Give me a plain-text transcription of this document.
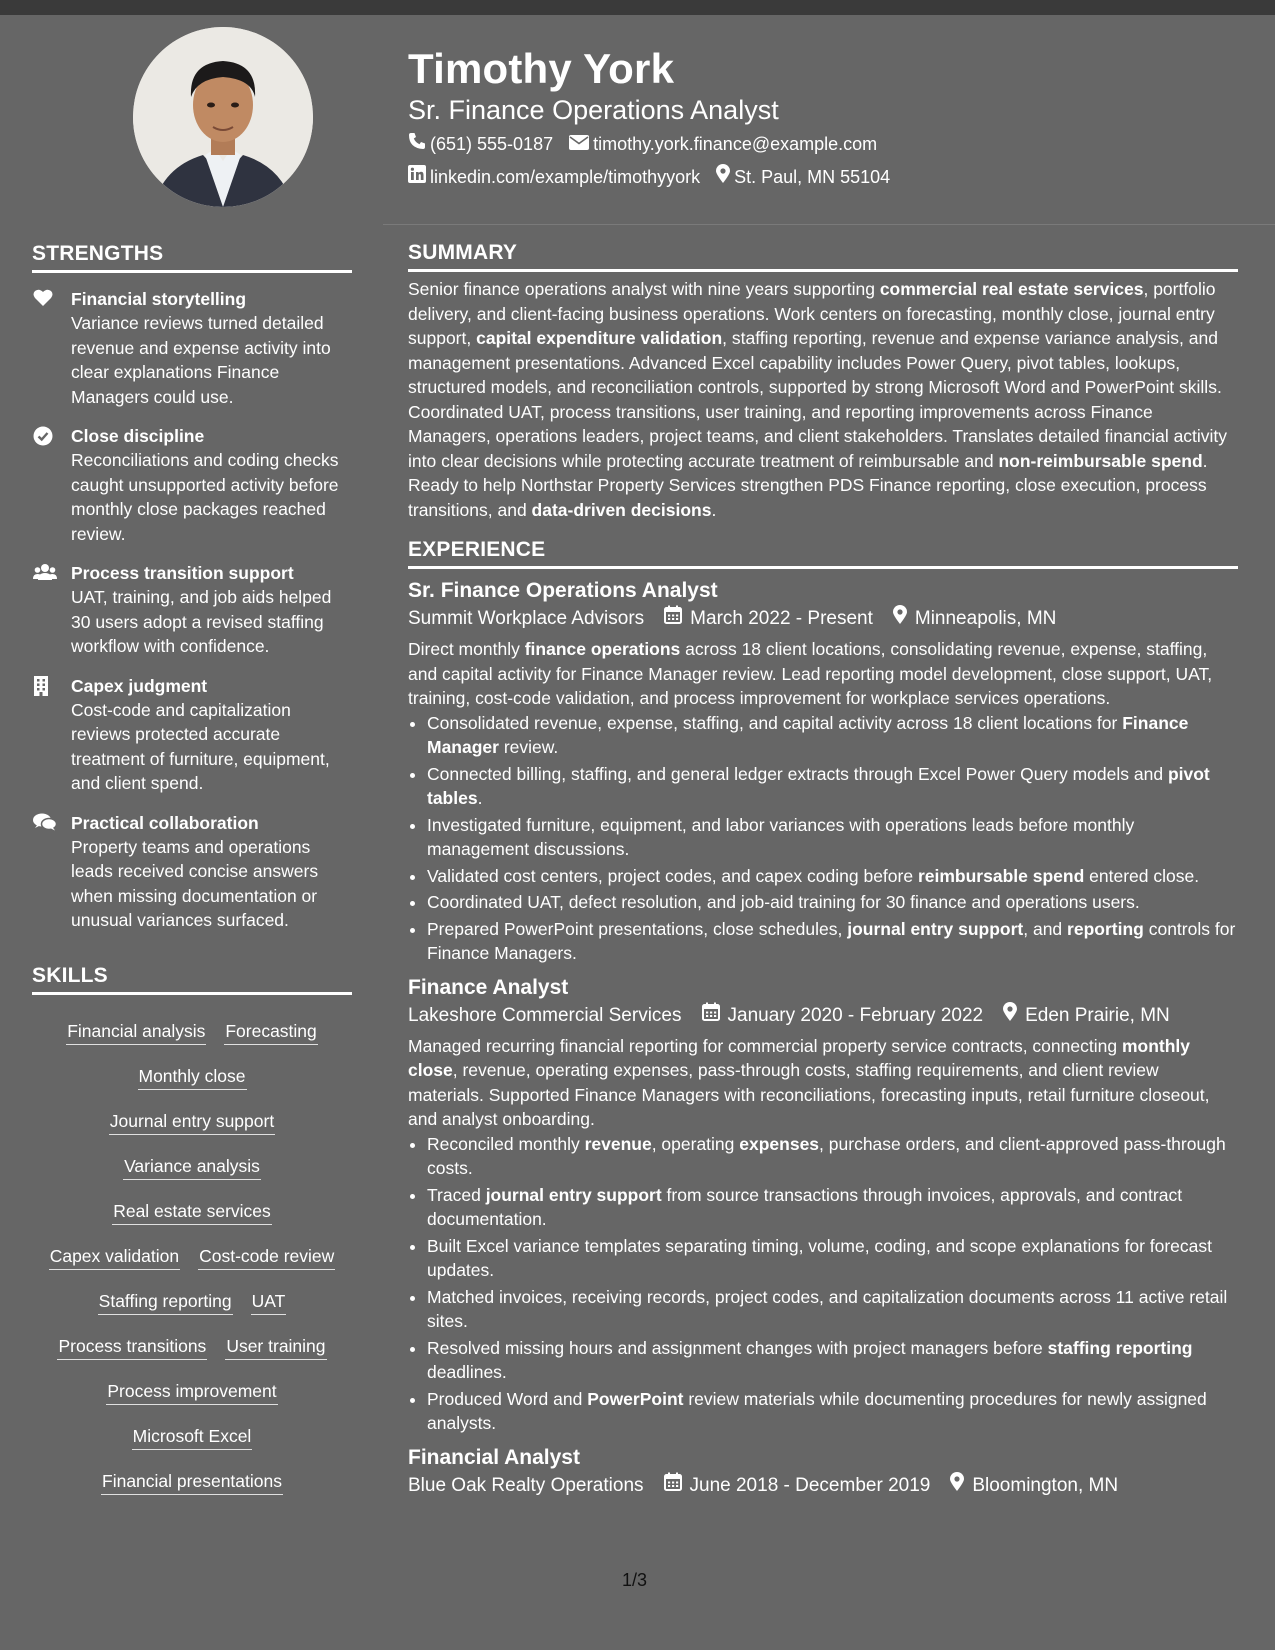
STRENGTHS
Financial storytelling
Variance reviews turned detailed revenue and expense activity into clear explanations Finance Managers could use.
Close discipline
Reconciliations and coding checks caught unsupported activity before monthly close packages reached review.
Process transition support
UAT, training, and job aids helped 30 users adopt a revised staffing workflow with confidence.
Capex judgment
Cost-code and capitalization reviews protected accurate treatment of furniture, equipment, and client spend.
Practical collaboration
Property teams and operations leads received concise answers when missing documentation or unusual variances surfaced.
SKILLS
Financial analysis Forecasting
Monthly close
Journal entry support
Variance analysis
Real estate services
Capex validation Cost-code review
Staffing reporting UAT
Process transitions User training
Process improvement
Microsoft Excel
Financial presentations
Timothy York
Sr. Finance Operations Analyst
(651) 555-0187 timothy.york.finance@example.com
linkedin.com/example/timothyyork St. Paul, MN 55104
SUMMARY

Senior finance operations analyst with nine years supporting commercial real estate services, portfolio delivery, and client-facing business operations. Work centers on forecasting, monthly close, journal entry support, capital expenditure validation, staffing reporting, revenue and expense variance analysis, and management presentations. Advanced Excel capability includes Power Query, pivot tables, lookups, structured models, and reconciliation controls, supported by strong Microsoft Word and PowerPoint skills. Coordinated UAT, process transitions, user training, and reporting improvements across Finance Managers, operations leaders, project teams, and client stakeholders. Translates detailed financial activity into clear decisions while protecting accurate treatment of reimbursable and non-reimbursable spend. Ready to help Northstar Property Services strengthen PDS Finance reporting, close execution, process transitions, and data-driven decisions.

EXPERIENCE
Sr. Finance Operations Analyst
Summit Workplace Advisors March 2022 - Present Minneapolis, MN

Direct monthly finance operations across 18 client locations, consolidating revenue, expense, staffing, and capital activity for Finance Manager review. Lead reporting model development, close support, UAT, training, cost-code validation, and process improvement for workplace services operations.

• Consolidated revenue, expense, staffing, and capital activity across 18 client locations for Finance Manager review.
• Connected billing, staffing, and general ledger extracts through Excel Power Query models and pivot tables.
• Investigated furniture, equipment, and labor variances with operations leads before monthly management discussions.
• Validated cost centers, project codes, and capex coding before reimbursable spend entered close.
• Coordinated UAT, defect resolution, and job-aid training for 30 finance and operations users.
• Prepared PowerPoint presentations, close schedules, journal entry support, and reporting controls for Finance Managers.
Finance Analyst
Lakeshore Commercial Services January 2020 - February 2022 Eden Prairie, MN

Managed recurring financial reporting for commercial property service contracts, connecting monthly close, revenue, operating expenses, pass-through costs, staffing requirements, and client review materials. Supported Finance Managers with reconciliations, forecasting inputs, retail furniture closeout, and analyst onboarding.

• Reconciled monthly revenue, operating expenses, purchase orders, and client-approved pass-through costs.
• Traced journal entry support from source transactions through invoices, approvals, and contract documentation.
• Built Excel variance templates separating timing, volume, coding, and scope explanations for forecast updates.
• Matched invoices, receiving records, project codes, and capitalization documents across 11 active retail sites.
• Resolved missing hours and assignment changes with project managers before staffing reporting deadlines.
• Produced Word and PowerPoint review materials while documenting procedures for newly assigned analysts.
Financial Analyst
Blue Oak Realty Operations June 2018 - December 2019 Bloomington, MN
1/3
